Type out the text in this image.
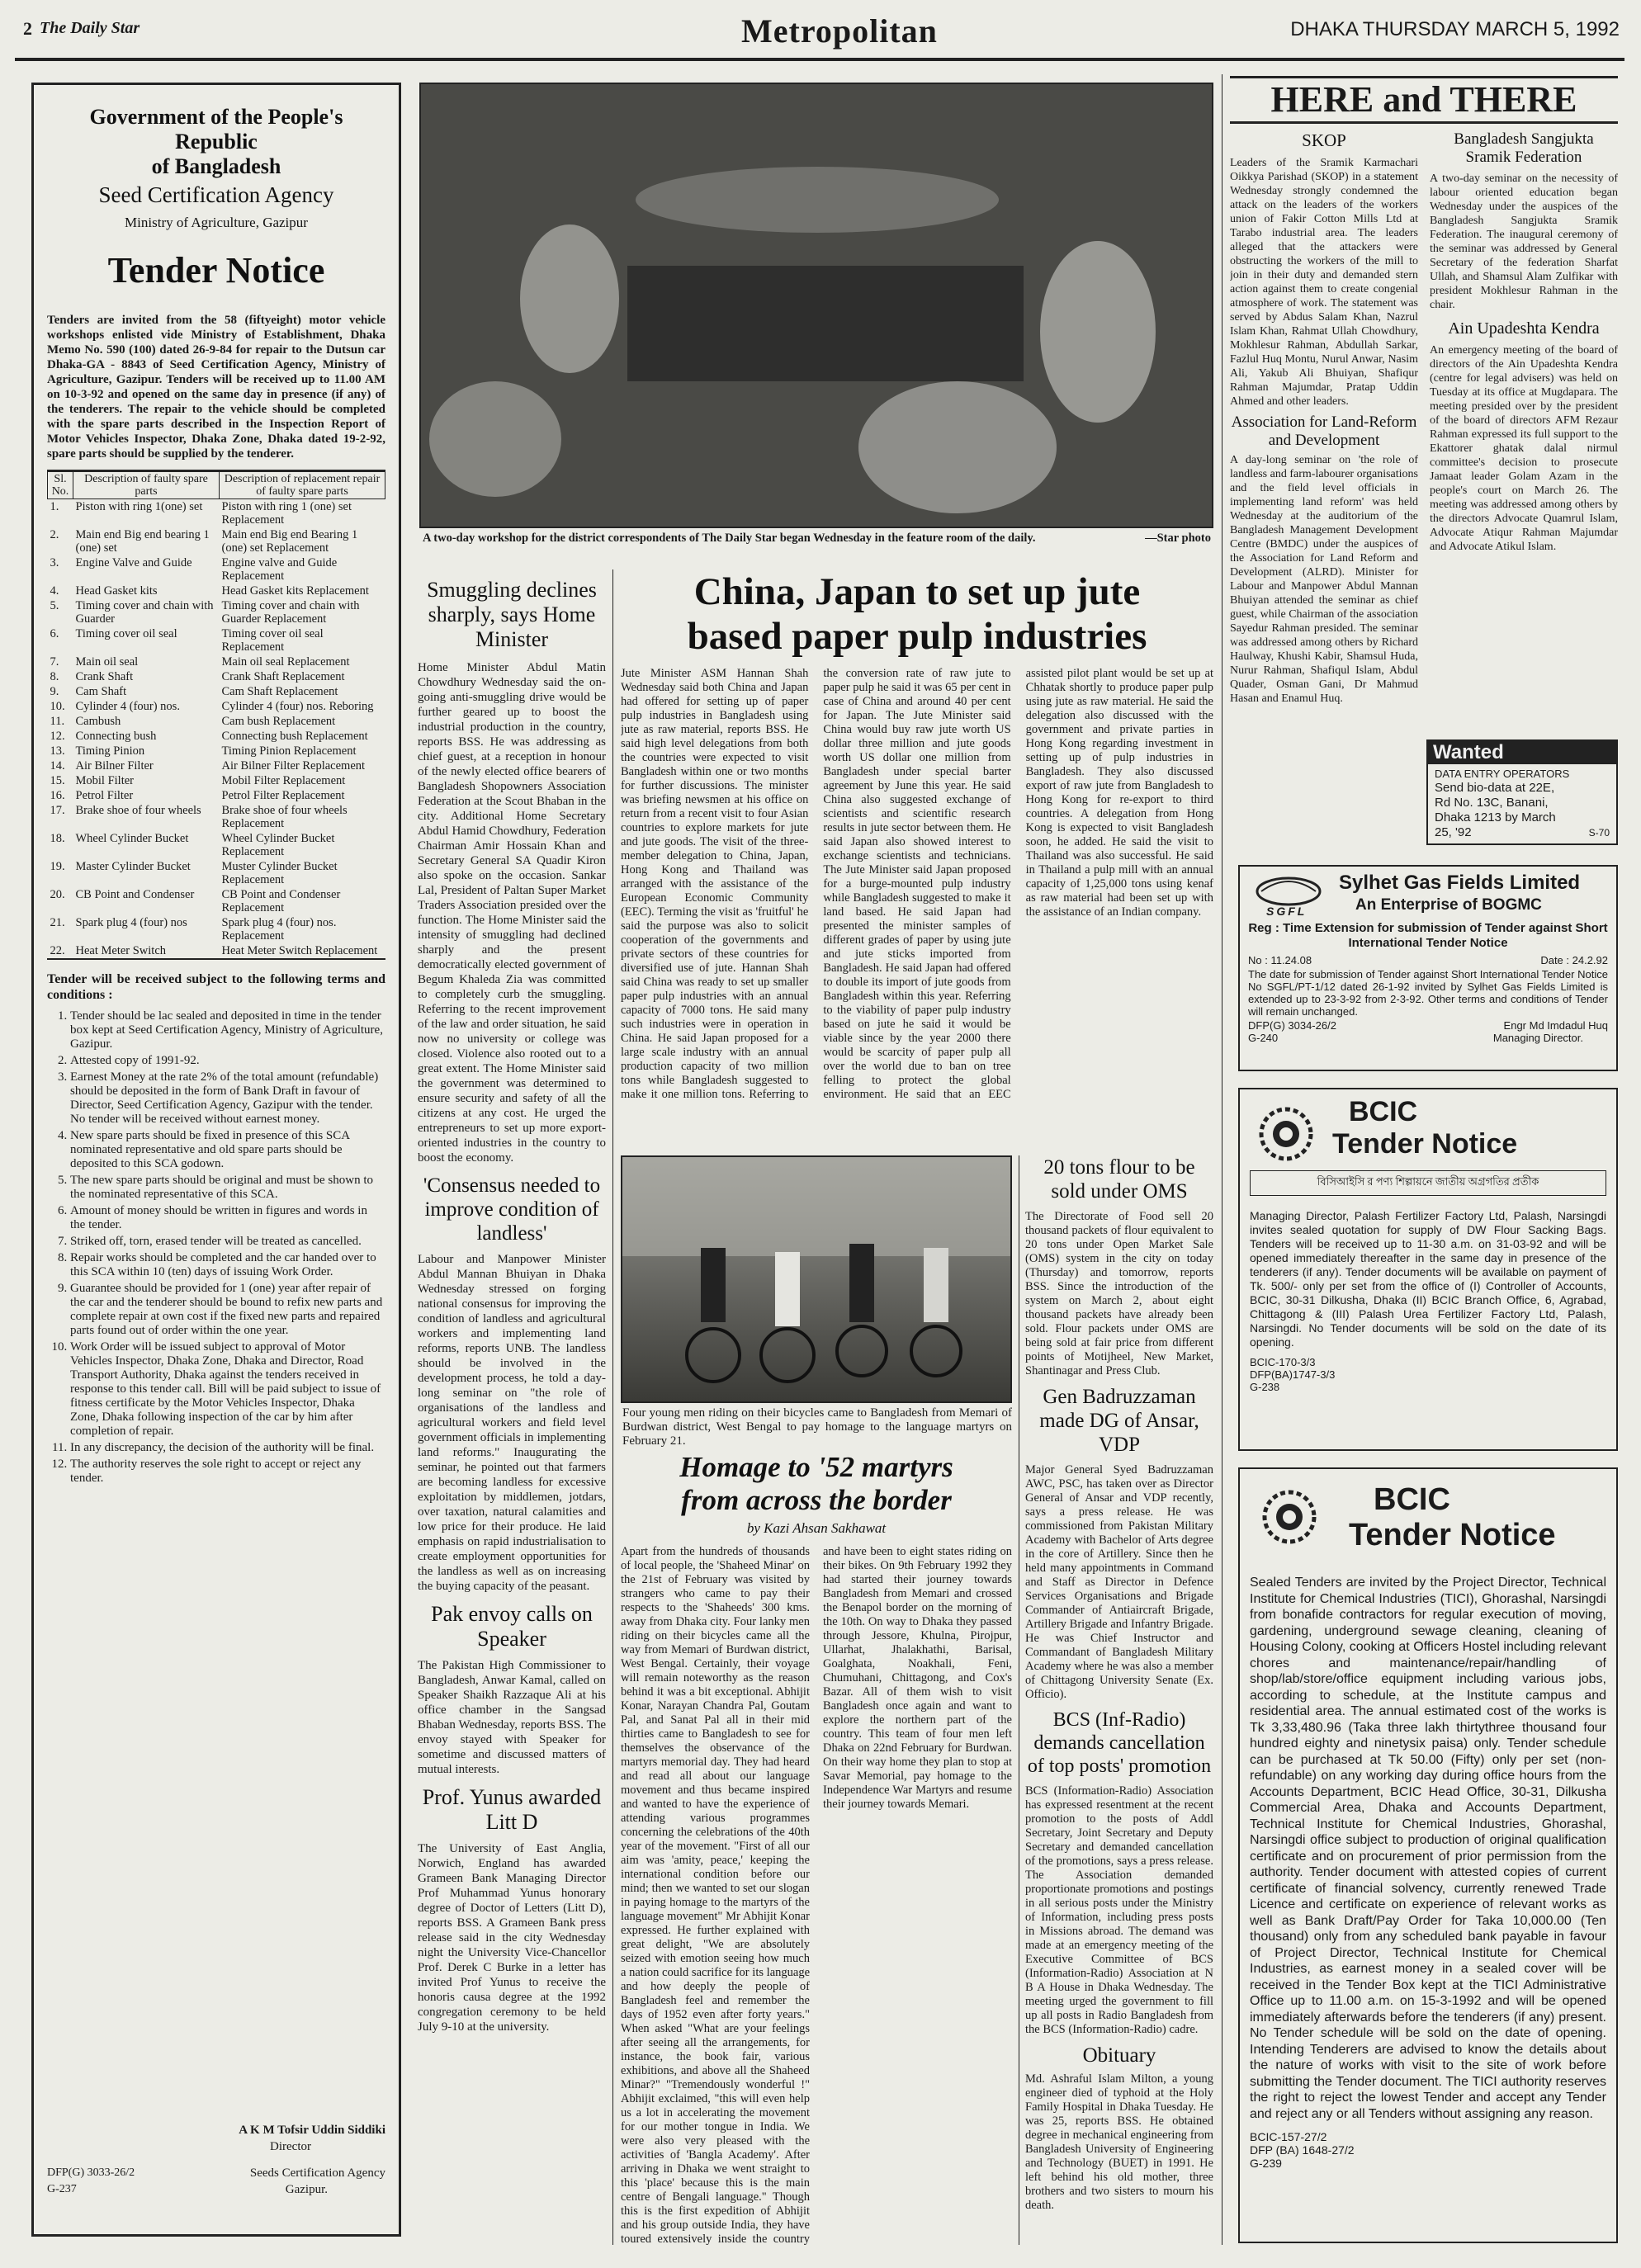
2 The Daily Star	Metropolitan	DHAKA THURSDAY MARCH 5, 1992
Government of the People's Republic
of Bangladesh
Seed Certification Agency
Ministry of Agriculture, Gazipur
Tender Notice

Tenders are invited from the 58 (fiftyeight) motor vehicle workshops enlisted vide Ministry of Establishment, Dhaka Memo No. 590 (100) dated 26-9-84 for repair to the Dutsun car Dhaka-GA - 8843 of Seed Certification Agency, Ministry of Agriculture, Gazipur. Tenders will be received up to 11.00 AM on 10-3-92 and opened on the same day in presence (if any) of the tenderers. The repair to the vehicle should be completed with the spare parts described in the Inspection Report of Motor Vehicles Inspector, Dhaka Zone, Dhaka dated 19-2-92, spare parts should be supplied by the tenderer.

Sl. No.	Description of faulty spare parts	Description of replacement repair of faulty spare parts
1.	Piston with ring 1(one) set	Piston with ring 1 (one) set Replacement
2.	Main end Big end bearing 1 (one) set	Main end Big end Bearing 1 (one) set Replacement
3.	Engine Valve and Guide	Engine valve and Guide Replacement
4.	Head Gasket kits	Head Gasket kits Replacement
5.	Timing cover and chain with Guarder	Timing cover and chain with Guarder Replacement
6.	Timing cover oil seal	Timing cover oil seal Replacement
7.	Main oil seal	Main oil seal Replacement
8.	Crank Shaft	Crank Shaft Replacement
9.	Cam Shaft	Cam Shaft Replacement
10.	Cylinder 4 (four) nos.	Cylinder 4 (four) nos. Reboring
11.	Cambush	Cam bush Replacement
12.	Connecting bush	Connecting bush Replacement
13.	Timing Pinion	Timing Pinion Replacement
14.	Air Bilner Filter	Air Bilner Filter Replacement
15.	Mobil Filter	Mobil Filter Replacement
16.	Petrol Filter	Petrol Filter Replacement
17.	Brake shoe of four wheels	Brake shoe of four wheels Replacement
18.	Wheel Cylinder Bucket	Wheel Cylinder Bucket Replacement
19.	Master Cylinder Bucket	Muster Cylinder Bucket Replacement
20.	CB Point and Condenser	CB Point and Condenser Replacement
21.	Spark plug 4 (four) nos	Spark plug 4 (four) nos. Replacement
22.	Heat Meter Switch	Heat Meter Switch Replacement

Tender will be received subject to the following terms and conditions :

1. Tender should be lac sealed and deposited in time in the tender box kept at Seed Certification Agency, Ministry of Agriculture, Gazipur.
2. Attested copy of 1991-92.
3. Earnest Money at the rate 2% of the total amount (refundable) should be deposited in the form of Bank Draft in favour of Director, Seed Certification Agency, Gazipur with the tender. No tender will be received without earnest money.
4. New spare parts should be fixed in presence of this SCA nominated representative and old spare parts should be deposited to this SCA godown.
5. The new spare parts should be original and must be shown to the nominated representative of this SCA.
6. Amount of money should be written in figures and words in the tender.
7. Striked off, torn, erased tender will be treated as cancelled.
8. Repair works should be completed and the car handed over to this SCA within 10 (ten) days of issuing Work Order.
9. Guarantee should be provided for 1 (one) year after repair of the car and the tenderer should be bound to refix new parts and complete repair at own cost if the fixed new parts and repaired parts found out of order within the one year.
10. Work Order will be issued subject to approval of Motor Vehicles Inspector, Dhaka Zone, Dhaka and Director, Road Transport Authority, Dhaka against the tenders received in response to this tender call. Bill will be paid subject to issue of fitness certificate by the Motor Vehicles Inspector, Dhaka Zone, Dhaka following inspection of the car by him after completion of repair.
11. In any discrepancy, the decision of the authority will be final.
12. The authority reserves the sole right to accept or reject any tender.
A K M Tofsir Uddin Siddiki
Director
DFP(G) 3033-26/2	Seeds Certification Agency
G-237	Gazipur.

A two-day workshop for the district correspondents of The Daily Star began Wednesday in the feature room of the daily.	—Star photo

Smuggling declines sharply, says Home Minister

Home Minister Abdul Matin Chowdhury Wednesday said the on-going anti-smuggling drive would be further geared up to boost the industrial production in the country, reports BSS. He was addressing as chief guest, at a reception in honour of the newly elected office bearers of Bangladesh Shopowners Association Federation at the Scout Bhaban in the city. Additional Home Secretary Abdul Hamid Chowdhury, Federation Chairman Amir Hossain Khan and Secretary General SA Quadir Kiron also spoke on the occasion. Sankar Lal, President of Paltan Super Market Traders Association presided over the function. The Home Minister said the intensity of smuggling had declined sharply and the present democratically elected government of Begum Khaleda Zia was committed to completely curb the smuggling. Referring to the recent improvement of the law and order situation, he said now no university or college was closed. Violence also rooted out to a great extent. The Home Minister said the government was determined to ensure security and safety of all the citizens at any cost. He urged the entrepreneurs to set up more export-oriented industries in the country to boost the economy.

'Consensus needed to improve condition of landless'

Labour and Manpower Minister Abdul Mannan Bhuiyan in Dhaka Wednesday stressed on forging national consensus for improving the condition of landless and agricultural workers and implementing land reforms, reports UNB. The landless should be involved in the development process, he told a day-long seminar on "the role of organisations of the landless and agricultural workers and field level government officials in implementing land reforms." Inaugurating the seminar, he pointed out that farmers are becoming landless for excessive exploitation by middlemen, jotdars, over taxation, natural calamities and low price for their produce. He laid emphasis on rapid industrialisation to create employment opportunities for the landless as well as on increasing the buying capacity of the peasant.

Pak envoy calls on Speaker

The Pakistan High Commissioner to Bangladesh, Anwar Kamal, called on Speaker Shaikh Razzaque Ali at his office chamber in the Sangsad Bhaban Wednesday, reports BSS. The envoy stayed with Speaker for sometime and discussed matters of mutual interests.

Prof. Yunus awarded Litt D

The University of East Anglia, Norwich, England has awarded Grameen Bank Managing Director Prof Muhammad Yunus honorary degree of Doctor of Letters (Litt D), reports BSS. A Grameen Bank press release said in the city Wednesday night the University Vice-Chancellor Prof. Derek C Burke in a letter has invited Prof Yunus to receive the honoris causa degree at the 1992 congregation ceremony to be held July 9-10 at the university.

China, Japan to set up jute
based paper pulp industries
Jute Minister ASM Hannan Shah Wednesday said both China and Japan had offered for setting up of paper pulp industries in Bangladesh using jute as raw material, reports BSS. He said high level delegations from both the countries were expected to visit Bangladesh within one or two months for further discussions. The minister was briefing newsmen at his office on return from a recent visit to four Asian countries to explore markets for jute and jute goods. The visit of the three-member delegation to China, Japan, Hong Kong and Thailand was arranged with the assistance of the European Economic Community (EEC). Terming the visit as 'fruitful' he said the purpose was also to solicit cooperation of the governments and private sectors of these countries for diversified use of jute. Hannan Shah said China was ready to set up smaller paper pulp industries with an annual capacity of 7000 tons. He said many such industries were in operation in China. He said Japan proposed for a large scale industry with an annual production capacity of two million tons while Bangladesh suggested to make it one million tons. Referring to the conversion rate of raw jute to paper pulp he said it was 65 per cent in case of China and around 40 per cent for Japan. The Jute Minister said China would buy raw jute worth US dollar three million and jute goods worth US dollar one million from Bangladesh under special barter agreement by June this year. He said China also suggested exchange of scientists and scientific research results in jute sector between them. He said Japan also showed interest to exchange scientists and technicians. The Jute Minister said Japan proposed for a burge-mounted pulp industry while Bangladesh suggested to make it land based. He said Japan had presented the minister samples of different grades of paper by using jute and jute sticks imported from Bangladesh. He said Japan had offered to double its import of jute goods from Bangladesh within this year. Referring to the viability of paper pulp industry based on jute he said it would be viable since by the year 2000 there would be scarcity of paper pulp all over the world due to ban on tree felling to protect the global environment. He said that an EEC assisted pilot plant would be set up at Chhatak shortly to produce paper pulp using jute as raw material. He said the delegation also discussed with the government and private parties in Hong Kong regarding investment in setting up of pulp industries in Bangladesh. They also discussed export of raw jute from Bangladesh to Hong Kong for re-export to third countries. A delegation from Hong Kong is expected to visit Bangladesh soon, he added. He said the visit to Thailand was also successful. He said in Thailand a pulp mill with an annual capacity of 1,25,000 tons using kenaf as raw material had been set up with the assistance of an Indian company.

Four young men riding on their bicycles came to Bangladesh from Memari of Burdwan district, West Bengal to pay homage to the language martyrs on February 21.

Homage to '52 martyrs
from across the border
by Kazi Ahsan Sakhawat
Apart from the hundreds of thousands of local people, the 'Shaheed Minar' on the 21st of February was visited by strangers who came to pay their respects to the 'Shaheeds' 300 kms. away from Dhaka city. Four lanky men riding on their bicycles came all the way from Memari of Burdwan district, West Bengal. Certainly, their voyage will remain noteworthy as the reason behind it was a bit exceptional. Abhijit Konar, Narayan Chandra Pal, Goutam Pal, and Sanat Pal all in their mid thirties came to Bangladesh to see for themselves the observance of the martyrs memorial day. They had heard and read all about our language movement and thus became inspired and wanted to have the experience of attending various programmes concerning the celebrations of the 40th year of the movement. "First of all our aim was 'amity, peace,' keeping the international condition before our mind; then we wanted to set our slogan in paying homage to the martyrs of the language movement" Mr Abhijit Konar expressed. He further explained with great delight, "We are absolutely seized with emotion seeing how much a nation could sacrifice for its language and how deeply the people of Bangladesh feel and remember the days of 1952 even after forty years." When asked "What are your feelings after seeing all the arrangements, for instance, the book fair, various exhibitions, and above all the Shaheed Minar?" "Tremendously wonderful !" Abhijit exclaimed, "this will even help us a lot in accelerating the movement for our mother tongue in India. We were also very pleased with the activities of 'Bangla Academy'. After arriving in Dhaka we went straight to this 'place' because this is the main centre of Bengali language." Though this is the first expedition of Abhijit and his group outside India, they have toured extensively inside the country and have been to eight states riding on their bikes. On 9th February 1992 they had started their journey towards Bangladesh from Memari and crossed the Benapol border on the morning of the 10th. On way to Dhaka they passed through Jessore, Khulna, Pirojpur, Ullarhat, Jhalakhathi, Barisal, Goalghata, Noakhali, Feni, Chumuhani, Chittagong, and Cox's Bazar. All of them wish to visit Bangladesh once again and want to explore the northern part of the country. This team of four men left Dhaka on 22nd February for Burdwan. On their way home they plan to stop at Savar Memorial, pay homage to the Independence War Martyrs and resume their journey towards Memari.
20 tons flour to be sold under OMS

The Directorate of Food sell 20 thousand packets of flour equivalent to 20 tons under Open Market Sale (OMS) system in the city on today (Thursday) and tomorrow, reports BSS. Since the introduction of the system on March 2, about eight thousand packets have already been sold. Flour packets under OMS are being sold at fair price from different points of Motijheel, New Market, Shantinagar and Press Club.

Gen Badruzzaman made DG of Ansar, VDP

Major General Syed Badruzzaman AWC, PSC, has taken over as Director General of Ansar and VDP recently, says a press release. He was commissioned from Pakistan Military Academy with Bachelor of Arts degree in the core of Artillery. Since then he held many appointments in Command and Staff as Director in Defence Services Organisations and Brigade Commander of Antiaircraft Brigade, Artillery Brigade and Infantry Brigade. He was Chief Instructor and Commandant of Bangladesh Military Academy where he was also a member of Chittagong University Senate (Ex. Officio).

BCS (Inf-Radio) demands cancellation of top posts' promotion

BCS (Information-Radio) Association has expressed resentment at the recent promotion to the posts of Addl Secretary, Joint Secretary and Deputy Secretary and demanded cancellation of the promotions, says a press release. The Association demanded proportionate promotions and postings in all serious posts under the Ministry of Information, including press posts in Missions abroad. The demand was made at an emergency meeting of the Executive Committee of BCS (Information-Radio) Association at N B A House in Dhaka Wednesday. The meeting urged the government to fill up all posts in Radio Bangladesh from the BCS (Information-Radio) cadre.

Obituary

Md. Ashraful Islam Milton, a young engineer died of typhoid at the Holy Family Hospital in Dhaka Tuesday. He was 25, reports BSS. He obtained degree in mechanical engineering from Bangladesh University of Engineering and Technology (BUET) in 1991. He left behind his old mother, three brothers and two sisters to mourn his death.

HERE and THERE
SKOP

Leaders of the Sramik Karmachari Oikkya Parishad (SKOP) in a statement Wednesday strongly condemned the attack on the leaders of the workers union of Fakir Cotton Mills Ltd at Tarabo industrial area. The leaders alleged that the attackers were obstructing the workers of the mill to join in their duty and demanded stern action against them to create congenial atmosphere of work. The statement was served by Abdus Salam Khan, Nazrul Islam Khan, Rahmat Ullah Chowdhury, Mokhlesur Rahman, Abdullah Sarkar, Fazlul Huq Montu, Nurul Anwar, Nasim Ali, Yakub Ali Bhuiyan, Shafiqur Rahman Majumdar, Pratap Uddin Ahmed and other leaders.

Association for Land-Reform and Development

A day-long seminar on 'the role of landless and farm-labourer organisations and the field level officials in implementing land reform' was held Wednesday at the auditorium of the Bangladesh Management Development Centre (BMDC) under the auspices of the Association for Land Reform and Development (ALRD). Minister for Labour and Manpower Abdul Mannan Bhuiyan attended the seminar as chief guest, while Chairman of the association Sayedur Rahman presided. The seminar was addressed among others by Richard Haulway, Khushi Kabir, Shamsul Huda, Nurur Rahman, Shafiqul Islam, Abdul Quader, Osman Gani, Dr Mahmud Hasan and Enamul Huq.

Bangladesh Sangjukta Sramik Federation

A two-day seminar on the necessity of labour oriented education began Wednesday under the auspices of the Bangladesh Sangjukta Sramik Federation. The inaugural ceremony of the seminar was addressed by General Secretary of the federation Sharfat Ullah, and Shamsul Alam Zulfikar with president Mokhlesur Rahman in the chair.

Ain Upadeshta Kendra

An emergency meeting of the board of directors of the Ain Upadeshta Kendra (centre for legal advisers) was held on Tuesday at its office at Mugdapara. The meeting presided over by the president of the board of directors AFM Rezaur Rahman expressed its full support to the Ekattorer ghatak dalal nirmul committee's decision to prosecute Jamaat leader Golam Azam in the people's court on March 26. The meeting was addressed among others by the directors Advocate Quamrul Islam, Advocate Atiqur Rahman Majumdar and Advocate Atikul Islam.

Wanted
DATA ENTRY OPERATORS
Send bio-data at 22E,
Rd No. 13C, Banani,
Dhaka 1213 by March
25, '92	S-70
SGFL
Sylhet Gas Fields Limited
An Enterprise of BOGMC
Reg : Time Extension for submission of Tender against Short International Tender Notice
No : 11.24.08	Date : 24.2.92

The date for submission of Tender against Short International Tender Notice No SGFL/PT-1/12 dated 26-1-92 invited by Sylhet Gas Fields Limited is extended up to 23-3-92 from 2-3-92. Other terms and conditions of Tender will remain unchanged.

DFP(G) 3034-26/2	Engr Md Imdadul Huq
G-240	Managing Director.
BCIC
Tender Notice
বিসিআইসি র পণ্য শিল্পায়নে জাতীয় অগ্রগতির প্রতীক

Managing Director, Palash Fertilizer Factory Ltd, Palash, Narsingdi invites sealed quotation for supply of DW Flour Sacking Bags. Tenders will be received up to 11-30 a.m. on 31-03-92 and will be opened immediately thereafter in the same day in presence of the tenderers (if any). Tender documents will be available on payment of Tk. 500/- only per set from the office of (I) Controller of Accounts, BCIC, 30-31 Dilkusha, Dhaka (II) BCIC Branch Office, 6, Agrabad, Chittagong & (III) Palash Urea Fertilizer Factory Ltd, Palash, Narsingdi. No Tender documents will be sold on the date of its opening.

BCIC-170-3/3
DFP(BA)1747-3/3
G-238
BCIC
Tender Notice

Sealed Tenders are invited by the Project Director, Technical Institute for Chemical Industries (TICI), Ghorashal, Narsingdi from bonafide contractors for regular execution of moving, gardening, underground sewage cleaning, cleaning of Housing Colony, cooking at Officers Hostel including relevant chores and maintenance/repair/handling of shop/lab/store/office equipment including various jobs, according to schedule, at the Institute campus and residential area. The annual estimated cost of the works is Tk 3,33,480.96 (Taka three lakh thirtythree thousand four hundred eighty and ninetysix paisa) only. Tender schedule can be purchased at Tk 50.00 (Fifty) only per set (non-refundable) on any working day during office hours from the Accounts Department, BCIC Head Office, 30-31, Dilkusha Commercial Area, Dhaka and Accounts Department, Technical Institute for Chemical Industries, Ghorashal, Narsingdi office subject to production of original qualification certificate and on procurement of prior permission from the authority. Tender document with attested copies of current certificate of financial solvency, currently renewed Trade Licence and certificate on experience of relevant works as well as Bank Draft/Pay Order for Taka 10,000.00 (Ten thousand) only from any scheduled bank payable in favour of Project Director, Technical Institute for Chemical Industries, as earnest money in a sealed cover will be received in the Tender Box kept at the TICI Administrative Office up to 11.00 a.m. on 15-3-1992 and will be opened immediately afterwards before the tenderers (if any) present. No Tender schedule will be sold on the date of opening. Intending Tenderers are advised to know the details about the nature of works with visit to the site of work before submitting the Tender document. The TICI authority reserves the right to reject the lowest Tender and accept any Tender and reject any or all Tenders without assigning any reason.

BCIC-157-27/2
DFP (BA) 1648-27/2
G-239
